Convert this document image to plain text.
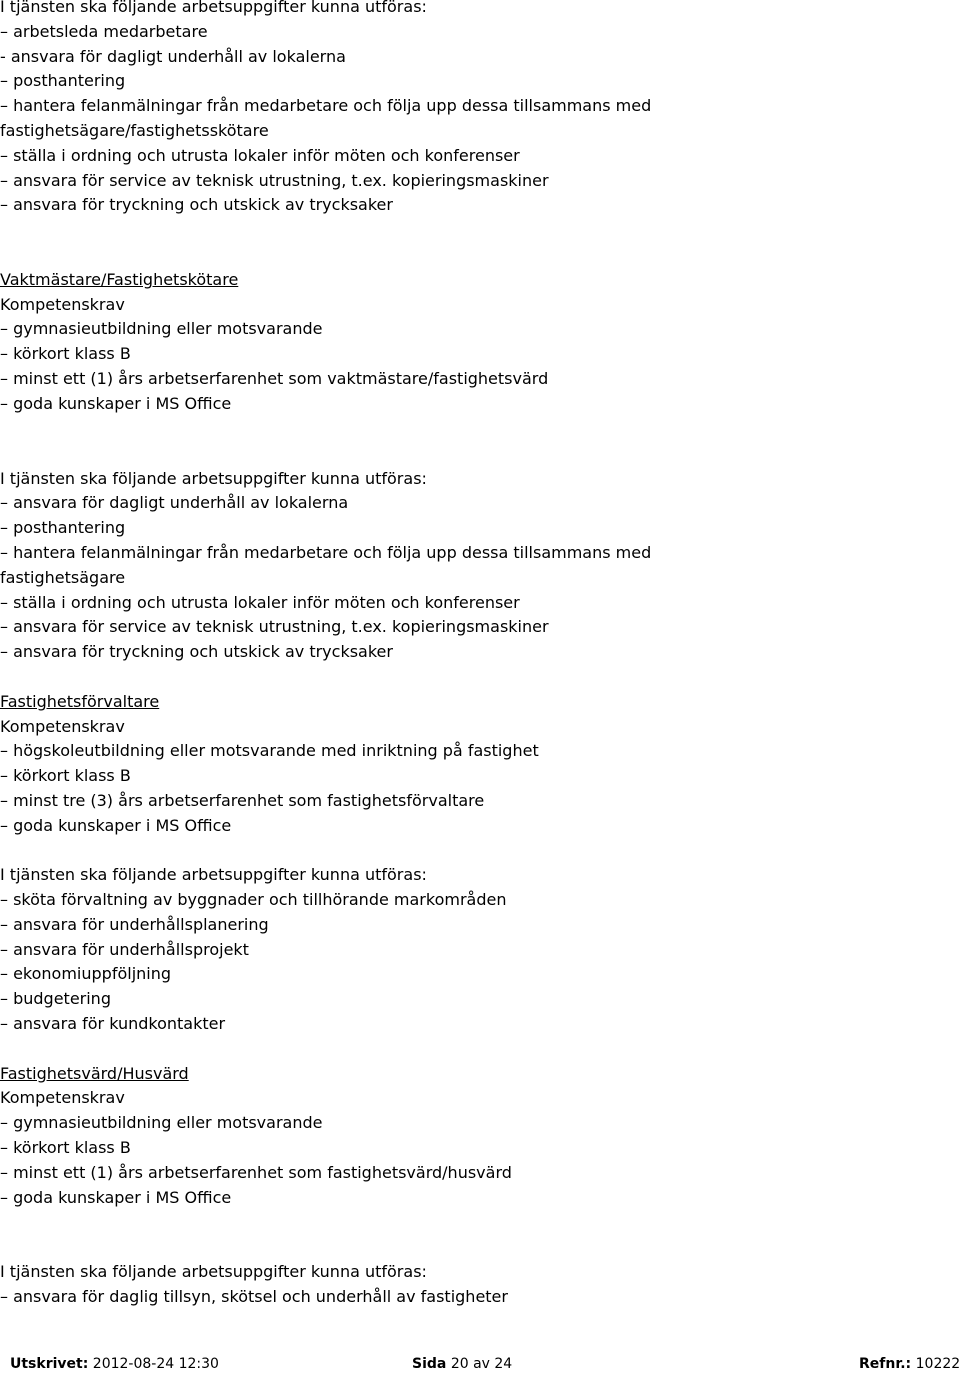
I tjänsten ska följande arbetsuppgifter kunna utföras:
– arbetsleda medarbetare
- ansvara för dagligt underhåll av lokalerna
– posthantering
– hantera felanmälningar från medarbetare och följa upp dessa tillsammans med
fastighetsägare/fastighetsskötare
– ställa i ordning och utrusta lokaler inför möten och konferenser
– ansvara för service av teknisk utrustning, t.ex. kopieringsmaskiner
– ansvara för tryckning och utskick av trycksaker
Vaktmästare/Fastighetskötare
Kompetenskrav
– gymnasieutbildning eller motsvarande
– körkort klass B
– minst ett (1) års arbetserfarenhet som vaktmästare/fastighetsvärd
– goda kunskaper i MS Office
I tjänsten ska följande arbetsuppgifter kunna utföras:
– ansvara för dagligt underhåll av lokalerna
– posthantering
– hantera felanmälningar från medarbetare och följa upp dessa tillsammans med
fastighetsägare
– ställa i ordning och utrusta lokaler inför möten och konferenser
– ansvara för service av teknisk utrustning, t.ex. kopieringsmaskiner
– ansvara för tryckning och utskick av trycksaker
Fastighetsförvaltare
Kompetenskrav
– högskoleutbildning eller motsvarande med inriktning på fastighet
– körkort klass B
– minst tre (3) års arbetserfarenhet som fastighetsförvaltare
– goda kunskaper i MS Office
I tjänsten ska följande arbetsuppgifter kunna utföras:
– sköta förvaltning av byggnader och tillhörande markområden
– ansvara för underhållsplanering
– ansvara för underhållsprojekt
– ekonomiuppföljning
– budgetering
– ansvara för kundkontakter
Fastighetsvärd/Husvärd
Kompetenskrav
– gymnasieutbildning eller motsvarande
– körkort klass B
– minst ett (1) års arbetserfarenhet som fastighetsvärd/husvärd
– goda kunskaper i MS Office
I tjänsten ska följande arbetsuppgifter kunna utföras:
– ansvara för daglig tillsyn, skötsel och underhåll av fastigheter
Utskrivet: 2012-08-24 12:30	Sida 20 av 24	Refnr.: 10222
